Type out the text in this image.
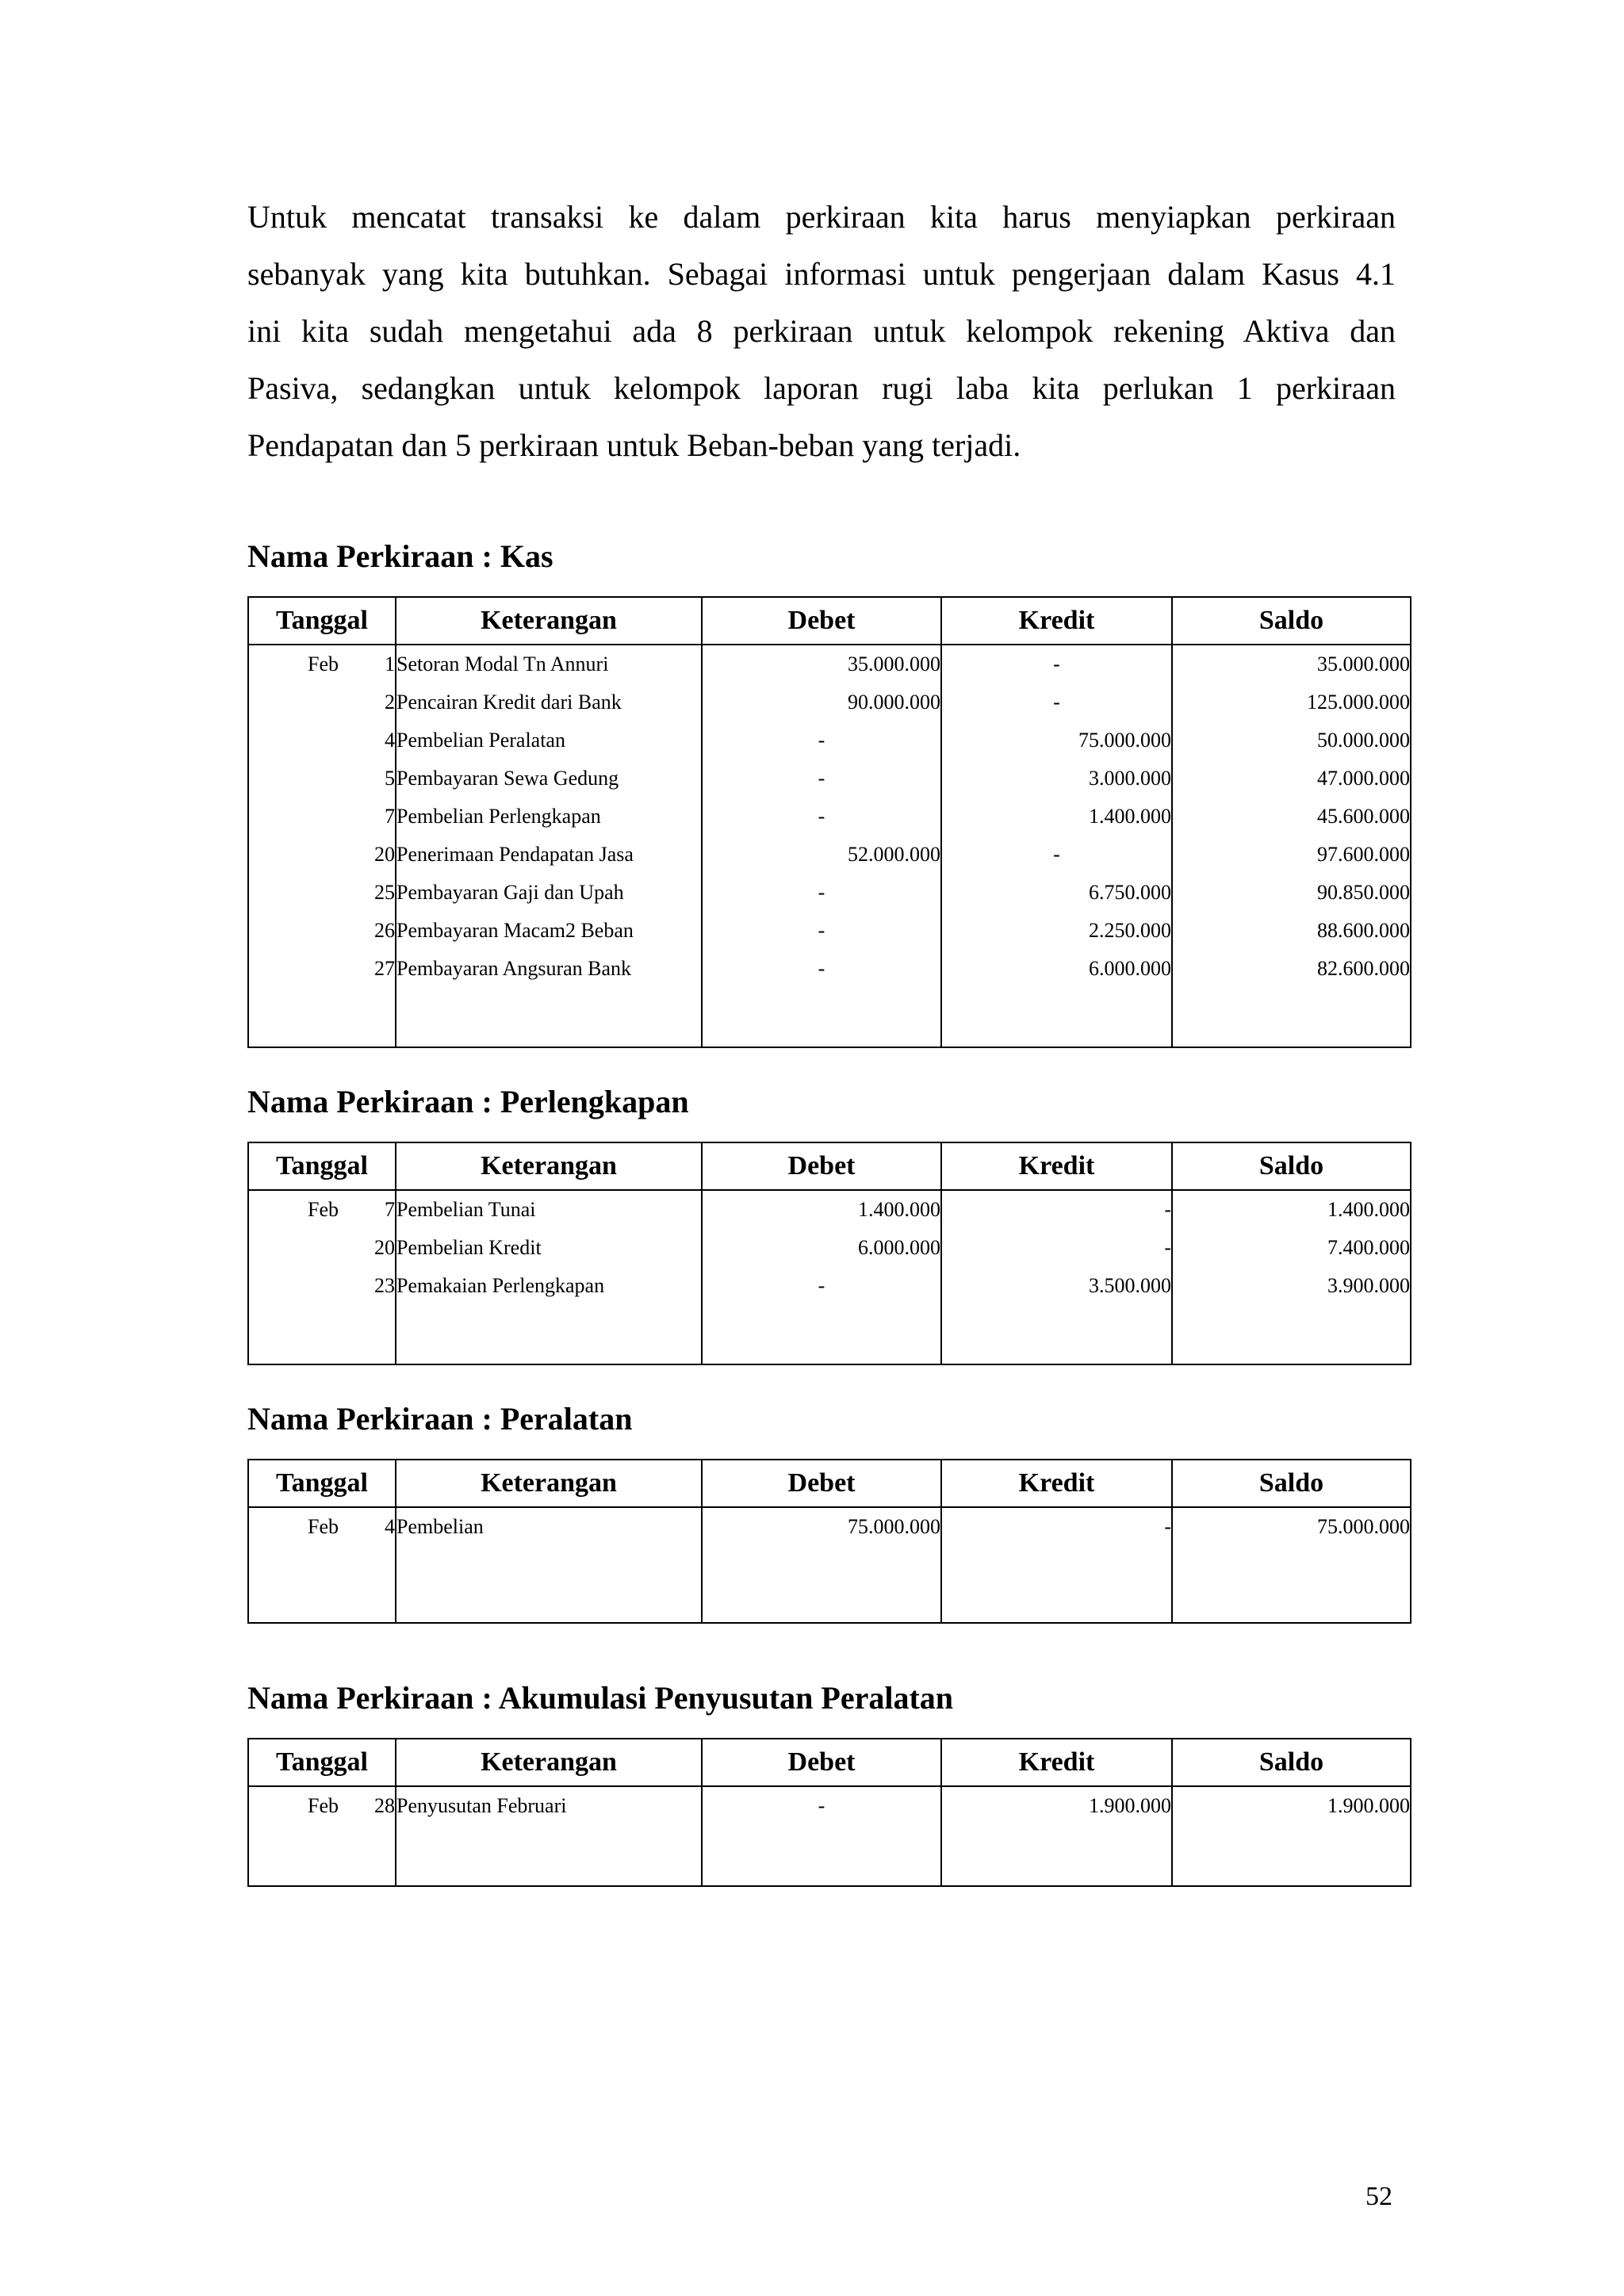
Untuk mencatat transaksi ke dalam perkiraan kita harus menyiapkan perkiraan
sebanyak yang kita butuhkan. Sebagai informasi untuk pengerjaan dalam Kasus 4.1
ini kita sudah mengetahui ada 8 perkiraan untuk kelompok rekening Aktiva dan
Pasiva, sedangkan untuk kelompok laporan rugi laba kita perlukan 1 perkiraan
Pendapatan dan 5 perkiraan untuk Beban-beban yang terjadi.
Nama Perkiraan : Kas
Tanggal	Keterangan	Debet	Kredit	Saldo
Feb 1	Setoran Modal Tn Annuri	35.000.000	-	35.000.000
2	Pencairan Kredit dari Bank	90.000.000	-	125.000.000
4	Pembelian Peralatan	-	75.000.000	50.000.000
5	Pembayaran Sewa Gedung	-	3.000.000	47.000.000
7	Pembelian Perlengkapan	-	1.400.000	45.600.000
20	Penerimaan Pendapatan Jasa	52.000.000	-	97.600.000
25	Pembayaran Gaji dan Upah	-	6.750.000	90.850.000
26	Pembayaran Macam2 Beban	-	2.250.000	88.600.000
27	Pembayaran Angsuran Bank	-	6.000.000	82.600.000

Nama Perkiraan : Perlengkapan
Tanggal	Keterangan	Debet	Kredit	Saldo
Feb 7	Pembelian Tunai	1.400.000	-	1.400.000
20	Pembelian Kredit	6.000.000	-	7.400.000
23	Pemakaian Perlengkapan	-	3.500.000	3.900.000

Nama Perkiraan : Peralatan
Tanggal	Keterangan	Debet	Kredit	Saldo
Feb 4	Pembelian	75.000.000	-	75.000.000

Nama Perkiraan : Akumulasi Penyusutan Peralatan
Tanggal	Keterangan	Debet	Kredit	Saldo
Feb 28	Penyusutan Februari	-	1.900.000	1.900.000

52
